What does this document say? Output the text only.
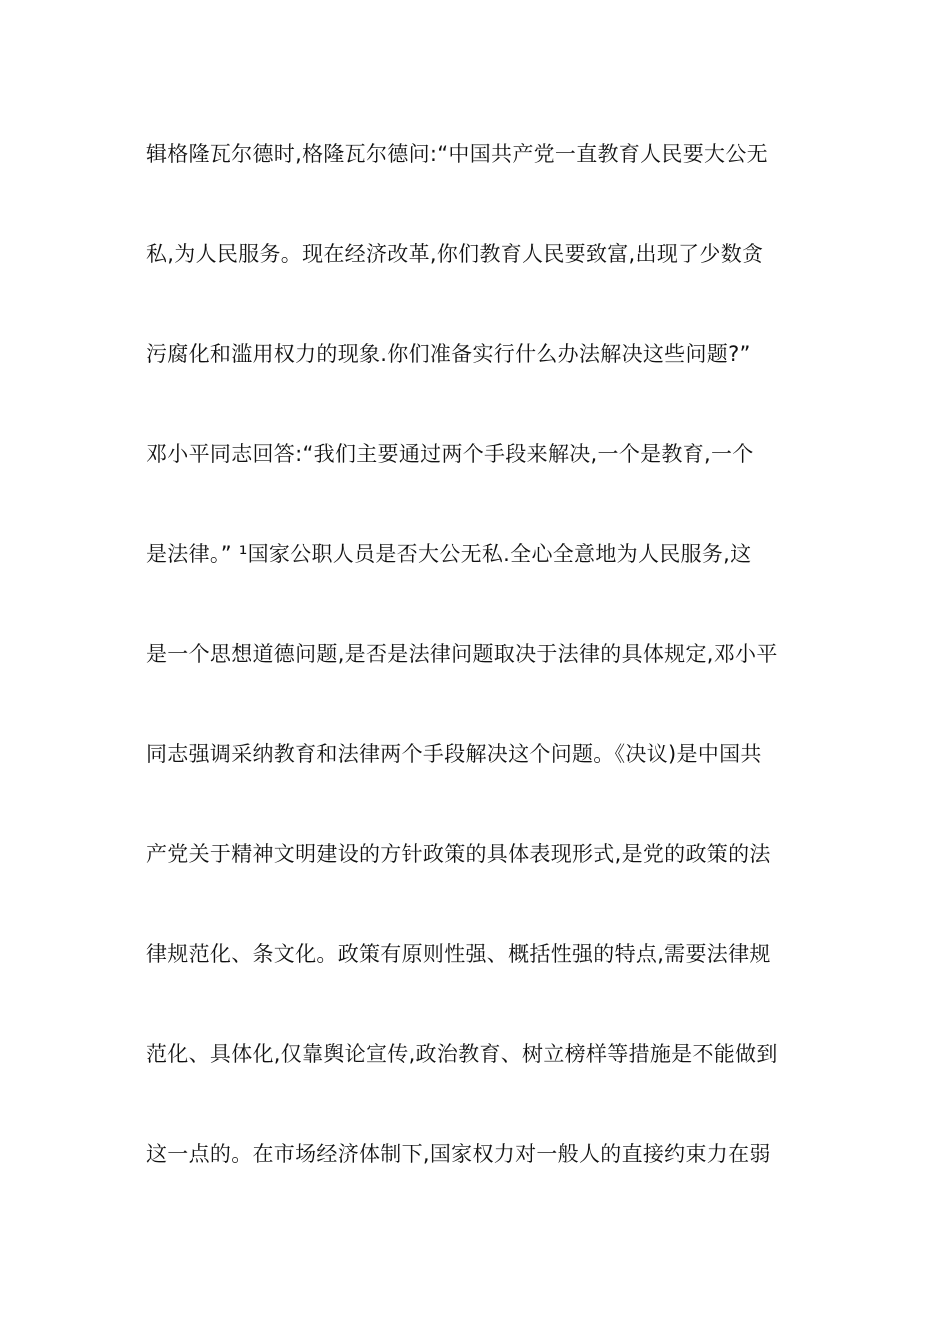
辑格隆瓦尔德时,格隆瓦尔德问:“中国共产党一直教育人民要大公无
私,为人民服务。现在经济改革,你们教育人民要致富,出现了少数贪
污腐化和滥用权力的现象.你们准备实行什么办法解决这些问题?”
邓小平同志回答:“我们主要通过两个手段来解决,一个是教育,一个
是法律。” ¹国家公职人员是否大公无私.全心全意地为人民服务,这
是一个思想道德问题,是否是法律问题取决于法律的具体规定,邓小平
同志强调采纳教育和法律两个手段解决这个问题。《决议)是中国共
产党关于精神文明建设的方针政策的具体表现形式,是党的政策的法
律规范化、条文化。政策有原则性强、概括性强的特点,需要法律规
范化、具体化,仅靠舆论宣传,政治教育、树立榜样等措施是不能做到
这一点的。在市场经济体制下,国家权力对一般人的直接约束力在弱
